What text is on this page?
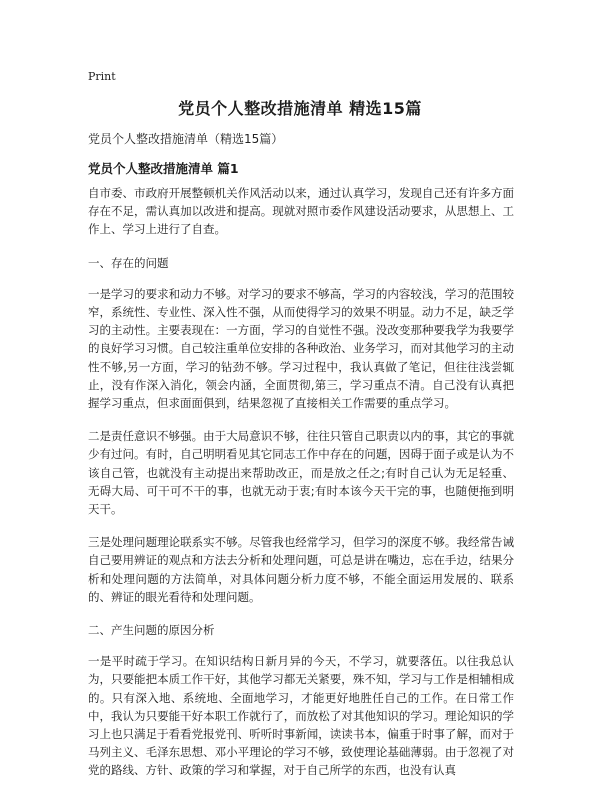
Print
党员个人整改措施清单 精选15篇
党员个人整改措施清单（精选15篇）
党员个人整改措施清单 篇1

自市委、市政府开展整顿机关作风活动以来，通过认真学习，发现自己还有许多方面存在不足，需认真加以改进和提高。现就对照市委作风建设活动要求，从思想上、工作上、学习上进行了自查。

一、存在的问题

一是学习的要求和动力不够。对学习的要求不够高，学习的内容较浅，学习的范围较窄，系统性、专业性、深入性不强，从而使得学习的效果不明显。动力不足，缺乏学习的主动性。主要表现在：一方面，学习的自觉性不强。没改变那种要我学为我要学的良好学习习惯。自己较注重单位安排的各种政治、业务学习，而对其他学习的主动性不够,另一方面，学习的钻劲不够。学习过程中，我认真做了笔记，但往往浅尝辄止，没有作深入消化，领会内涵，全面贯彻,第三，学习重点不清。自己没有认真把握学习重点，但求面面俱到，结果忽视了直接相关工作需要的重点学习。

二是责任意识不够强。由于大局意识不够，往往只管自己职责以内的事，其它的事就少有过问。有时，自己明明看见其它同志工作中存在的问题，因碍于面子或是认为不该自己管，也就没有主动提出来帮助改正，而是放之任之;有时自己认为无足轻重、无碍大局、可干可不干的事，也就无动于衷;有时本该今天干完的事，也随便拖到明天干。

三是处理问题理论联系实不够。尽管我也经常学习，但学习的深度不够。我经常告诫自己要用辨证的观点和方法去分析和处理问题，可总是讲在嘴边，忘在手边，结果分析和处理问题的方法简单，对具体问题分析力度不够，不能全面运用发展的、联系的、辨证的眼光看待和处理问题。

二、产生问题的原因分析

一是平时疏于学习。在知识结构日新月异的今天，不学习，就要落伍。以往我总认为，只要能把本质工作干好，其他学习都无关紧要，殊不知，学习与工作是相辅相成的。只有深入地、系统地、全面地学习，才能更好地胜任自己的工作。在日常工作中，我认为只要能干好本职工作就行了，而放松了对其他知识的学习。理论知识的学习上也只满足于看看党报党刊、听听时事新闻，读读书本，偏重于时事了解，而对于马列主义、毛泽东思想、邓小平理论的学习不够，致使理论基础薄弱。由于忽视了对党的路线、方针、政策的学习和掌握，对于自己所学的东西，也没有认真
